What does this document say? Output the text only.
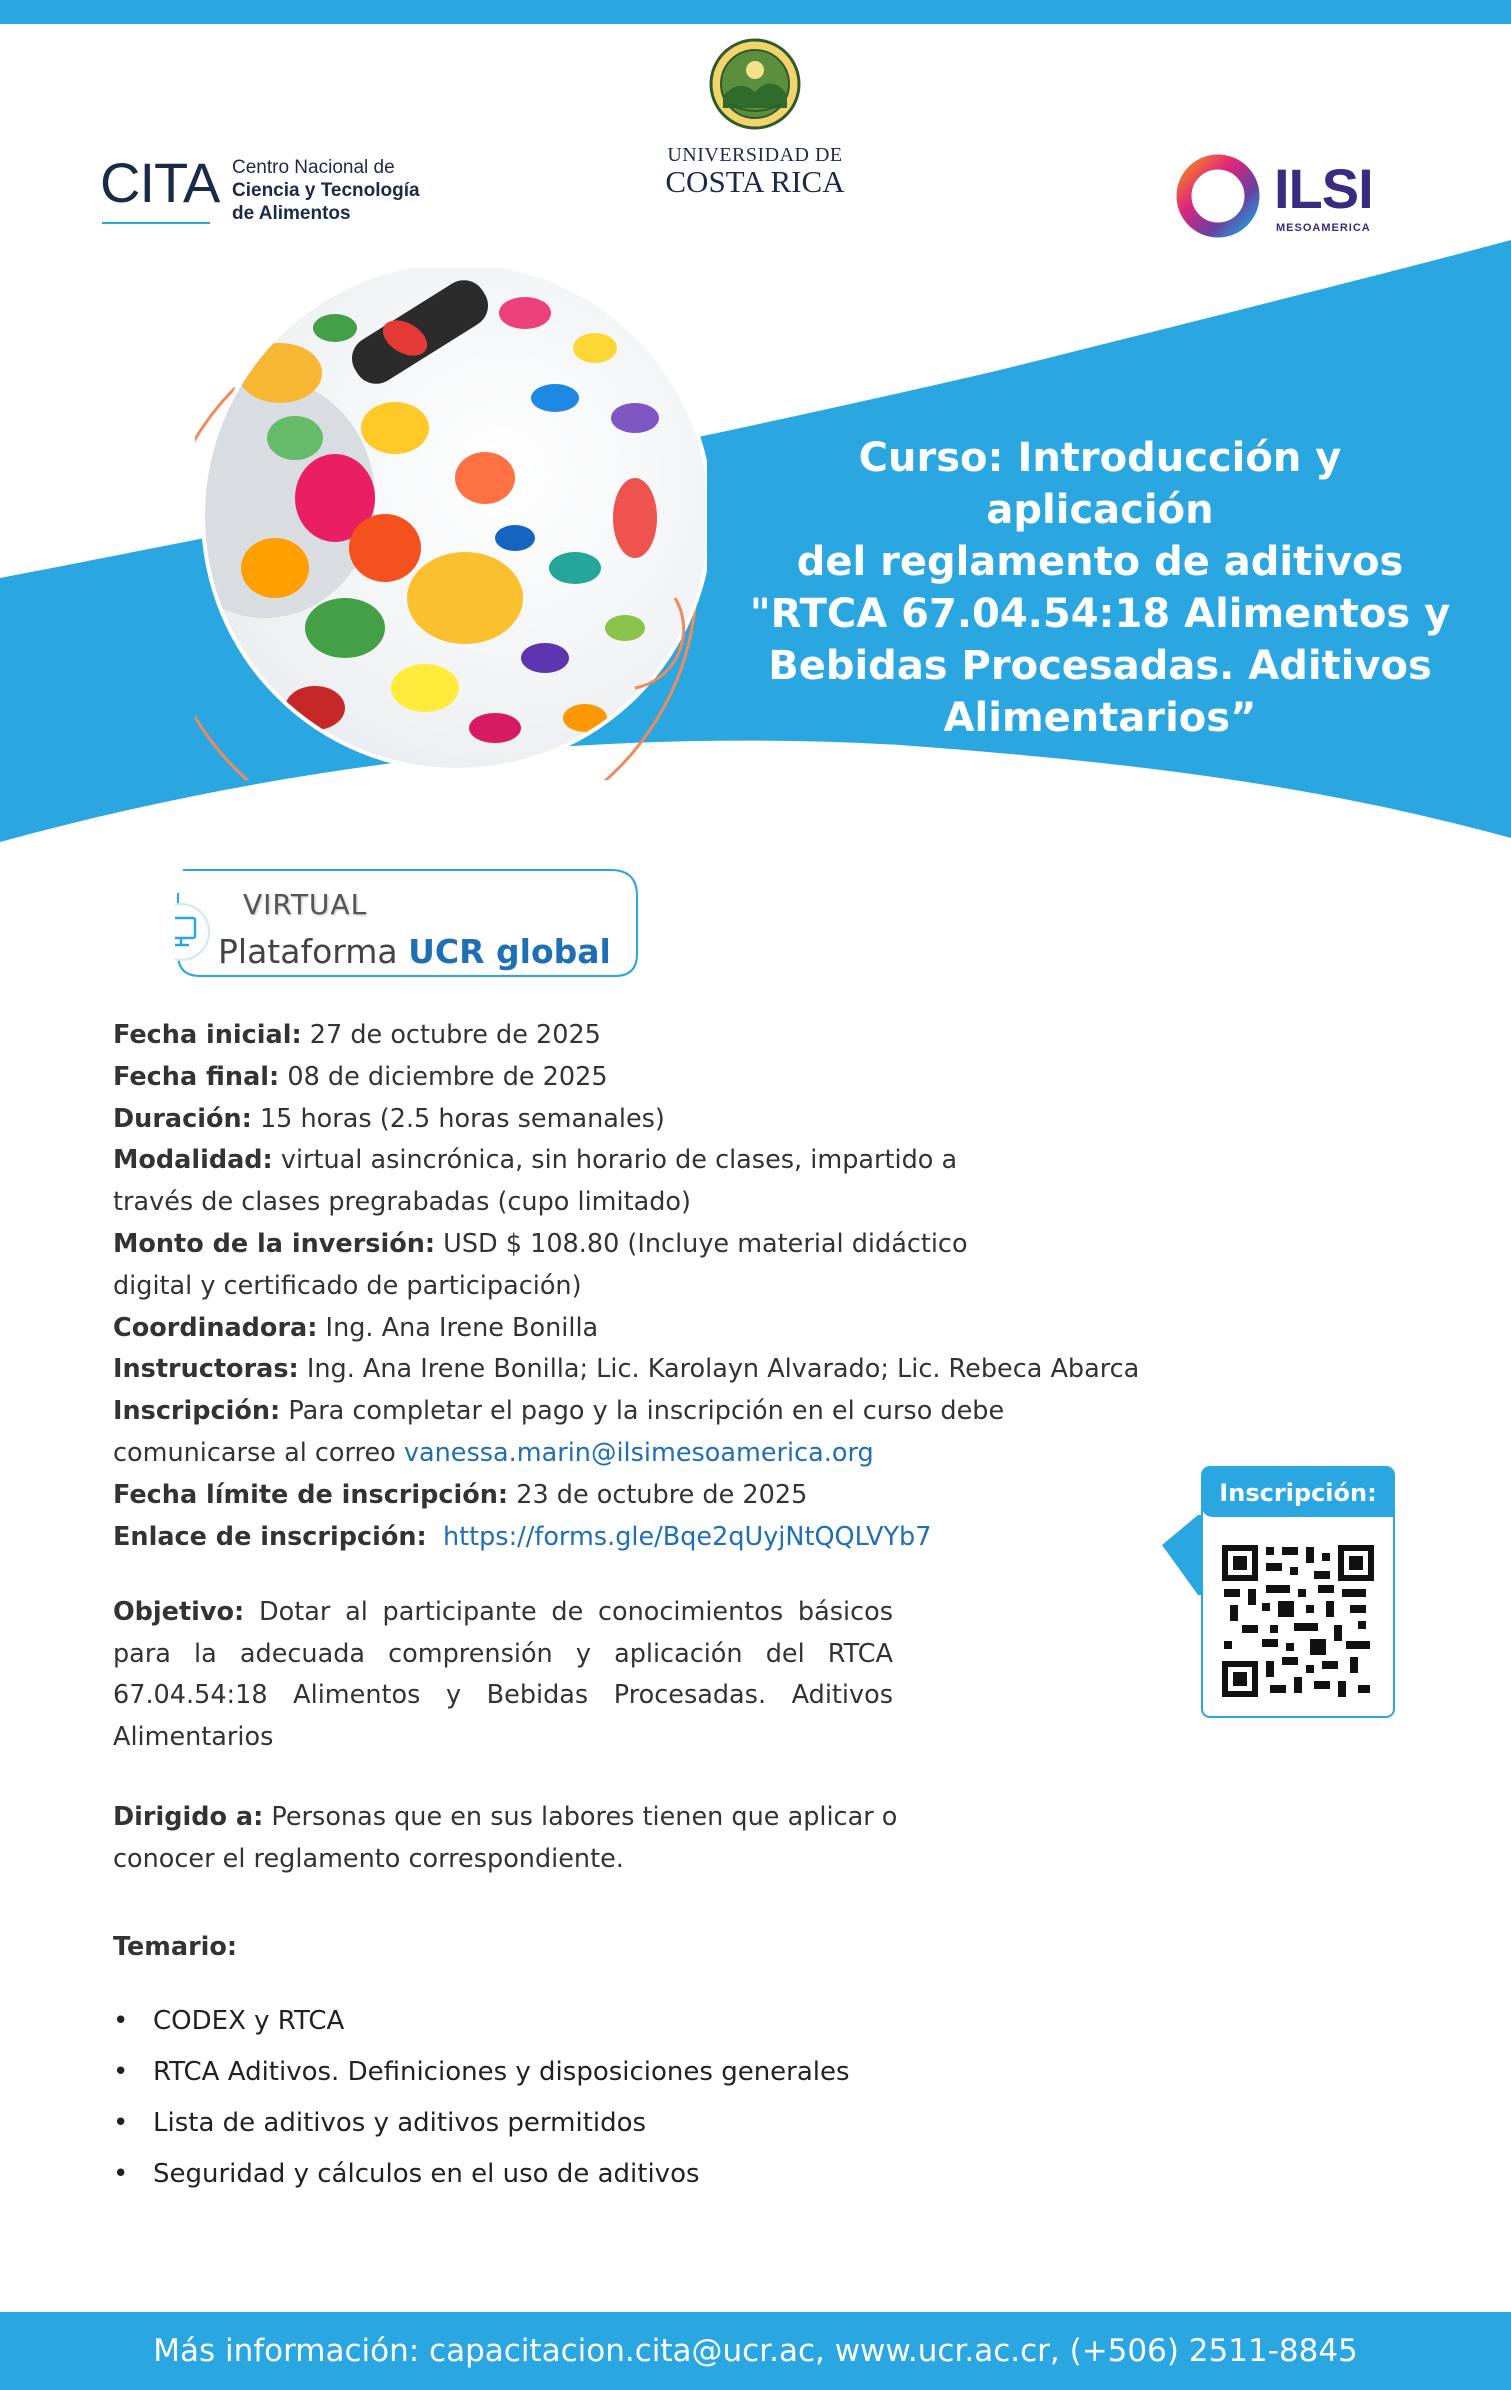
CITA Centro Nacional de
Ciencia y Tecnología
de Alimentos
UNIVERSIDAD DE
COSTA RICA	ILSI
MESOAMERICA
Curso: Introducción y aplicación
del reglamento de aditivos
"RTCA 67.04.54:18 Alimentos y
Bebidas Procesadas. Aditivos
Alimentarios”
VIRTUAL
Plataforma UCR global
Fecha inicial: 27 de octubre de 2025
Fecha final: 08 de diciembre de 2025
Duración: 15 horas (2.5 horas semanales)
Modalidad: virtual asincrónica, sin horario de clases, impartido a
través de clases pregrabadas (cupo limitado)
Monto de la inversión: USD $ 108.80 (Incluye material didáctico
digital y certificado de participación)
Coordinadora: Ing. Ana Irene Bonilla
Instructoras: Ing. Ana Irene Bonilla; Lic. Karolayn Alvarado; Lic. Rebeca Abarca
Inscripción: Para completar el pago y la inscripción en el curso debe
comunicarse al correo vanessa.marin@ilsimesoamerica.org
Fecha límite de inscripción: 23 de octubre de 2025
Enlace de inscripción: https://forms.gle/Bqe2qUyjNtQQLVYb7
Inscripción:
Objetivo: Dotar al participante de conocimientos básicos para la adecuada comprensión y aplicación del RTCA 67.04.54:18 Alimentos y Bebidas Procesadas. Aditivos Alimentarios
Dirigido a: Personas que en sus labores tienen que aplicar o conocer el reglamento correspondiente.
Temario:
• CODEX y RTCA
• RTCA Aditivos. Definiciones y disposiciones generales
• Lista de aditivos y aditivos permitidos
• Seguridad y cálculos en el uso de aditivos
Más información: capacitacion.cita@ucr.ac, www.ucr.ac.cr, (+506) 2511-8845
